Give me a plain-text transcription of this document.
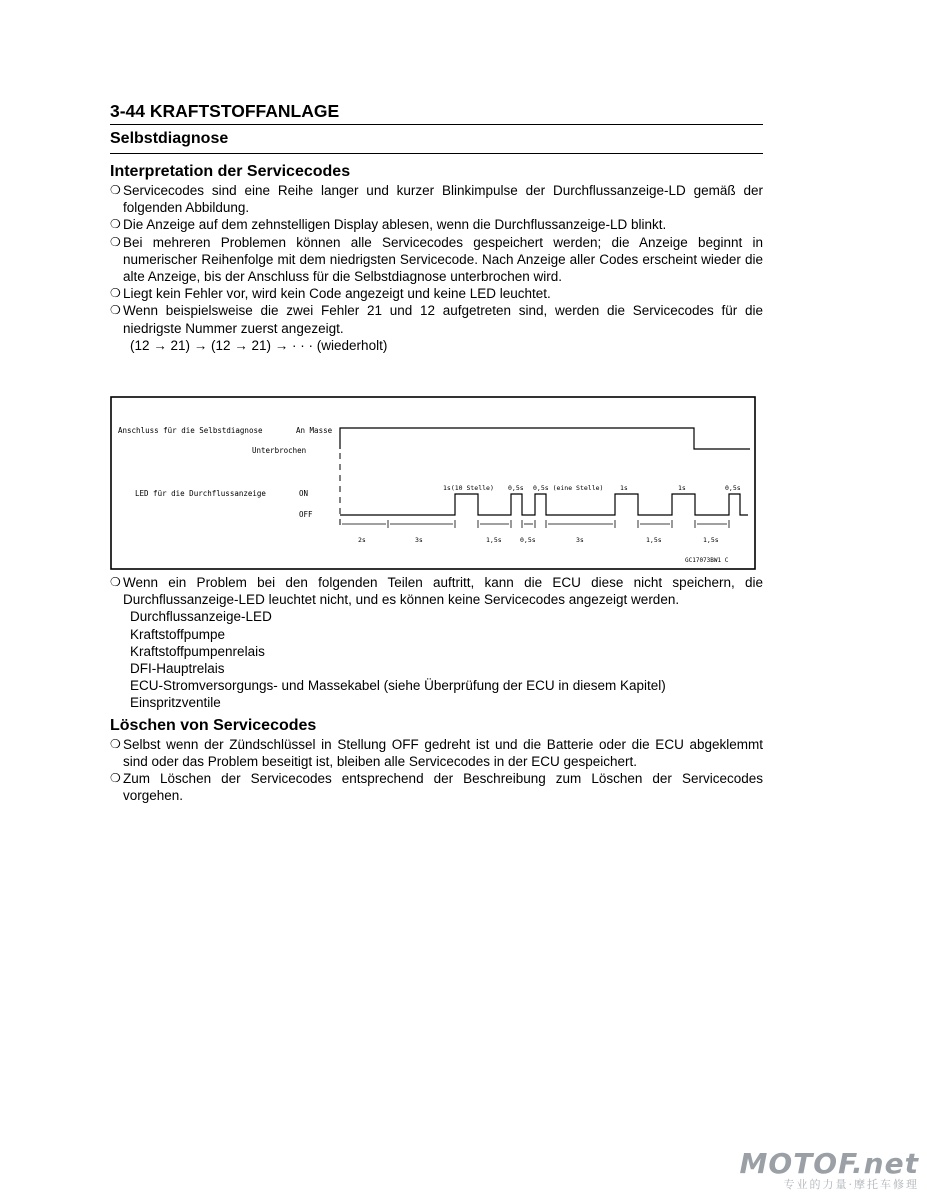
3-44 KRAFTSTOFFANLAGE
Selbstdiagnose
Interpretation der Servicecodes

❍ Servicecodes sind eine Reihe langer und kurzer Blinkimpulse der Durchflussanzeige-LD gemäß der folgenden Abbildung.

❍ Die Anzeige auf dem zehnstelligen Display ablesen, wenn die Durchflussanzeige-LD blinkt.

❍ Bei mehreren Problemen können alle Servicecodes gespeichert werden; die Anzeige beginnt in numerischer Reihenfolge mit dem niedrigsten Servicecode. Nach Anzeige aller Codes erscheint wieder die alte Anzeige, bis der Anschluss für die Selbstdiagnose unterbrochen wird.

❍ Liegt kein Fehler vor, wird kein Code angezeigt und keine LED leuchtet.

❍ Wenn beispielsweise die zwei Fehler 21 und 12 aufgetreten sind, werden die Servicecodes für die niedrigste Nummer zuerst angezeigt.

(12 → 21) → (12 → 21) → · · · (wiederholt)

Anschluss für die Selbstdiagnose	An Masse
Unterbrochen
LED für die Durchflussanzeige	ON
OFF
1s(10 Stelle) 0,5s 0,5s (eine Stelle)	1s	1s	0,5s
2s	3s	1,5s	0,5s	3s	1,5s	1,5s
GC17073BW1 C

❍ Wenn ein Problem bei den folgenden Teilen auftritt, kann die ECU diese nicht speichern, die Durchflussanzeige-LED leuchtet nicht, und es können keine Servicecodes angezeigt werden.

Durchflussanzeige-LED
Kraftstoffpumpe
Kraftstoffpumpenrelais
DFI-Hauptrelais
ECU-Stromversorgungs- und Massekabel (siehe Überprüfung der ECU in diesem Kapitel)
Einspritzventile
Löschen von Servicecodes

❍ Selbst wenn der Zündschlüssel in Stellung OFF gedreht ist und die Batterie oder die ECU abgeklemmt sind oder das Problem beseitigt ist, bleiben alle Servicecodes in der ECU gespeichert.

❍ Zum Löschen der Servicecodes entsprechend der Beschreibung zum Löschen der Servicecodes vorgehen.

MOTOF.net
专业的力量·摩托车修理
